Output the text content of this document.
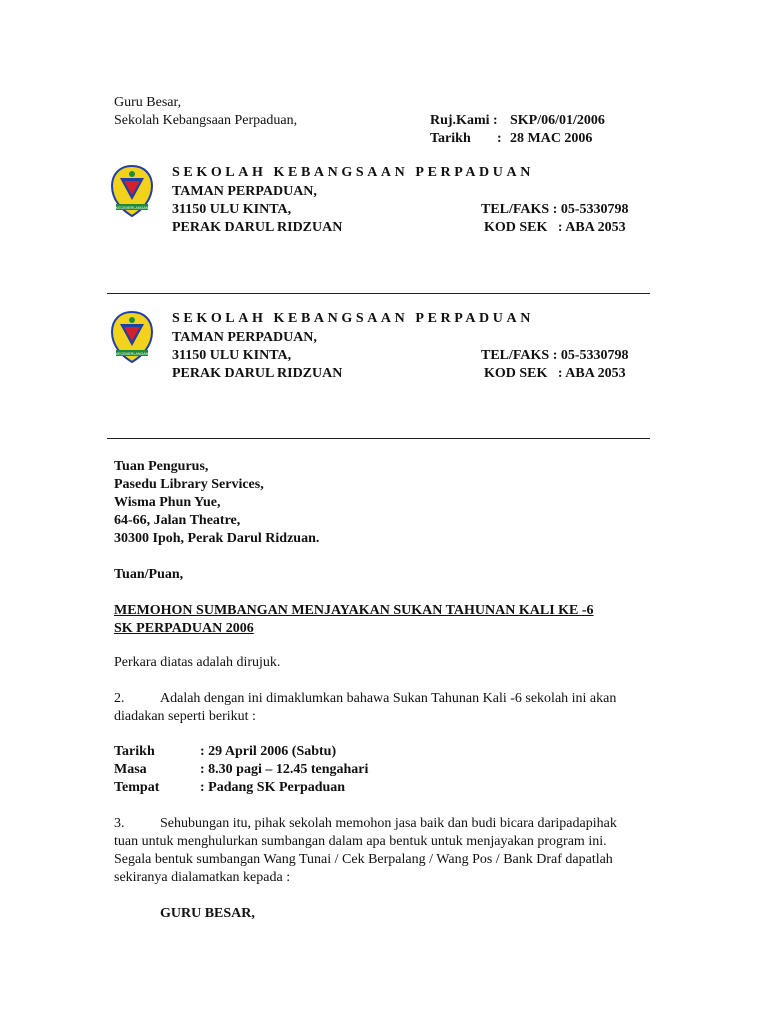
Guru Besar,
Sekolah Kebangsaan Perpaduan,	Ruj.Kami : SKP/06/01/2006
Tarikh : 28 MAC 2006
KECEMERLANGAN
SEKOLAH KEBANGSAAN PERPADUAN
TAMAN PERPADUAN,
31150 ULU KINTA,
PERAK DARUL RIDZUAN
TEL/FAKS : 05-5330798
KOD SEK   : ABA 2053
KECEMERLANGAN
SEKOLAH KEBANGSAAN PERPADUAN
TAMAN PERPADUAN,
31150 ULU KINTA,
PERAK DARUL RIDZUAN
TEL/FAKS : 05-5330798
KOD SEK   : ABA 2053
Tuan Pengurus,
Pasedu Library Services,
Wisma Phun Yue,
64-66, Jalan Theatre,
30300 Ipoh, Perak Darul Ridzuan.
Tuan/Puan,
MEMOHON SUMBANGAN MENJAYAKAN SUKAN TAHUNAN KALI KE -6
SK PERPADUAN 2006
Perkara diatas adalah dirujuk.
2.	Adalah dengan ini dimaklumkan bahawa Sukan Tahunan Kali -6 sekolah ini akan
diadakan seperti berikut :
Tarikh	: 29 April 2006 (Sabtu)
Masa	: 8.30 pagi – 12.45 tengahari
Tempat	: Padang SK Perpaduan
3.	Sehubungan itu, pihak sekolah memohon jasa baik dan budi bicara daripadapihak
tuan untuk menghulurkan sumbangan dalam apa bentuk untuk menjayakan program ini.
Segala bentuk sumbangan Wang Tunai / Cek Berpalang / Wang Pos / Bank Draf dapatlah
sekiranya dialamatkan kepada :
GURU BESAR,
